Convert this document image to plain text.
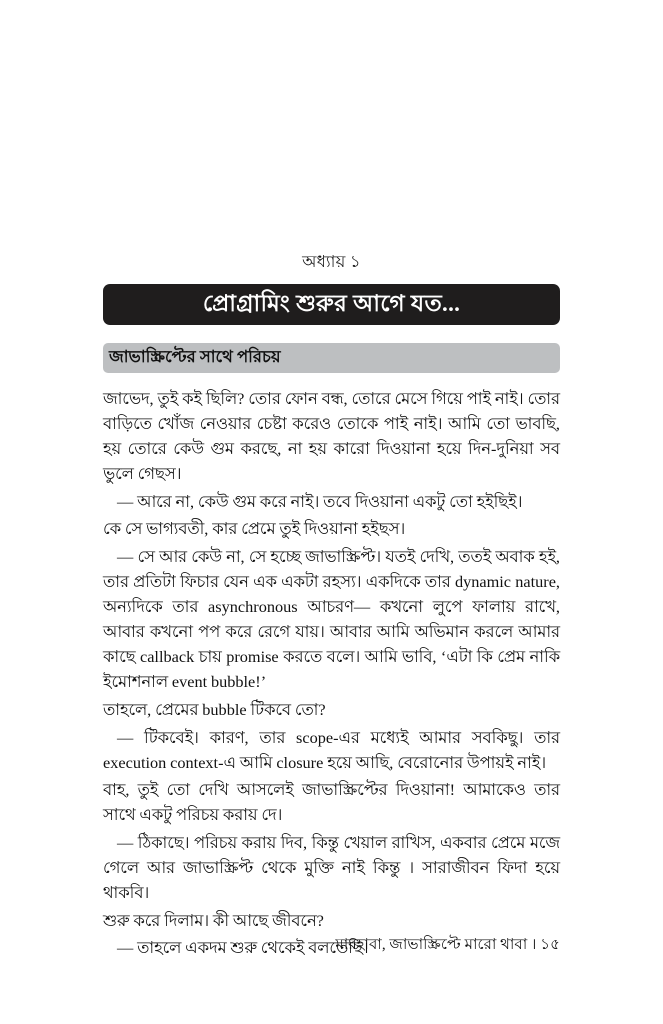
অধ্যায় ১
প্রোগ্রামিং শুরুর আগে যত...
জাভাস্ক্রিপ্টের সাথে পরিচয়

জাভেদ, তুই কই ছিলি? তোর ফোন বন্ধ, তোরে মেসে গিয়ে পাই নাই। তোর বাড়িতে খোঁজ নেওয়ার চেষ্টা করেও তোকে পাই নাই। আমি তো ভাবছি, হয় তোরে কেউ গুম করছে, না হয় কারো দিওয়ানা হয়ে দিন-দুনিয়া সব ভুলে গেছস।

— আরে না, কেউ গুম করে নাই। তবে দিওয়ানা একটু তো হইছিই।

কে সে ভাগ্যবতী, কার প্রেমে তুই দিওয়ানা হইছস।

— সে আর কেউ না, সে হচ্ছে জাভাস্ক্রিপ্ট। যতই দেখি, ততই অবাক হই, তার প্রতিটা ফিচার যেন এক একটা রহস্য। একদিকে তার dynamic nature, অন্যদিকে তার asynchronous আচরণ— কখনো লুপে ফালায় রাখে, আবার কখনো পপ করে রেগে যায়। আবার আমি অভিমান করলে আমার কাছে callback চায় promise করতে বলে। আমি ভাবি, ‘এটা কি প্রেম নাকি ইমোশনাল event bubble!’

তাহলে, প্রেমের bubble টিকবে তো?

— টিকবেই। কারণ, তার scope-এর মধ্যেই আমার সবকিছু। তার execution context-এ আমি closure হয়ে আছি, বেরোনোর উপায়ই নাই।

বাহ, তুই তো দেখি আসলেই জাভাস্ক্রিপ্টের দিওয়ানা! আমাকেও তার সাথে একটু পরিচয় করায় দে।

— ঠিকাছে। পরিচয় করায় দিব, কিন্তু খেয়াল রাখিস, একবার প্রেমে মজে গেলে আর জাভাস্ক্রিপ্ট থেকে মুক্তি নাই কিন্তু । সারাজীবন ফিদা হয়ে থাকবি।

শুরু করে দিলাম। কী আছে জীবনে?

— তাহলে একদম শুরু থেকেই বলতেছি।

মারহাবা, জাভাস্ক্রিপ্টে মারো থাবা । ১৫
